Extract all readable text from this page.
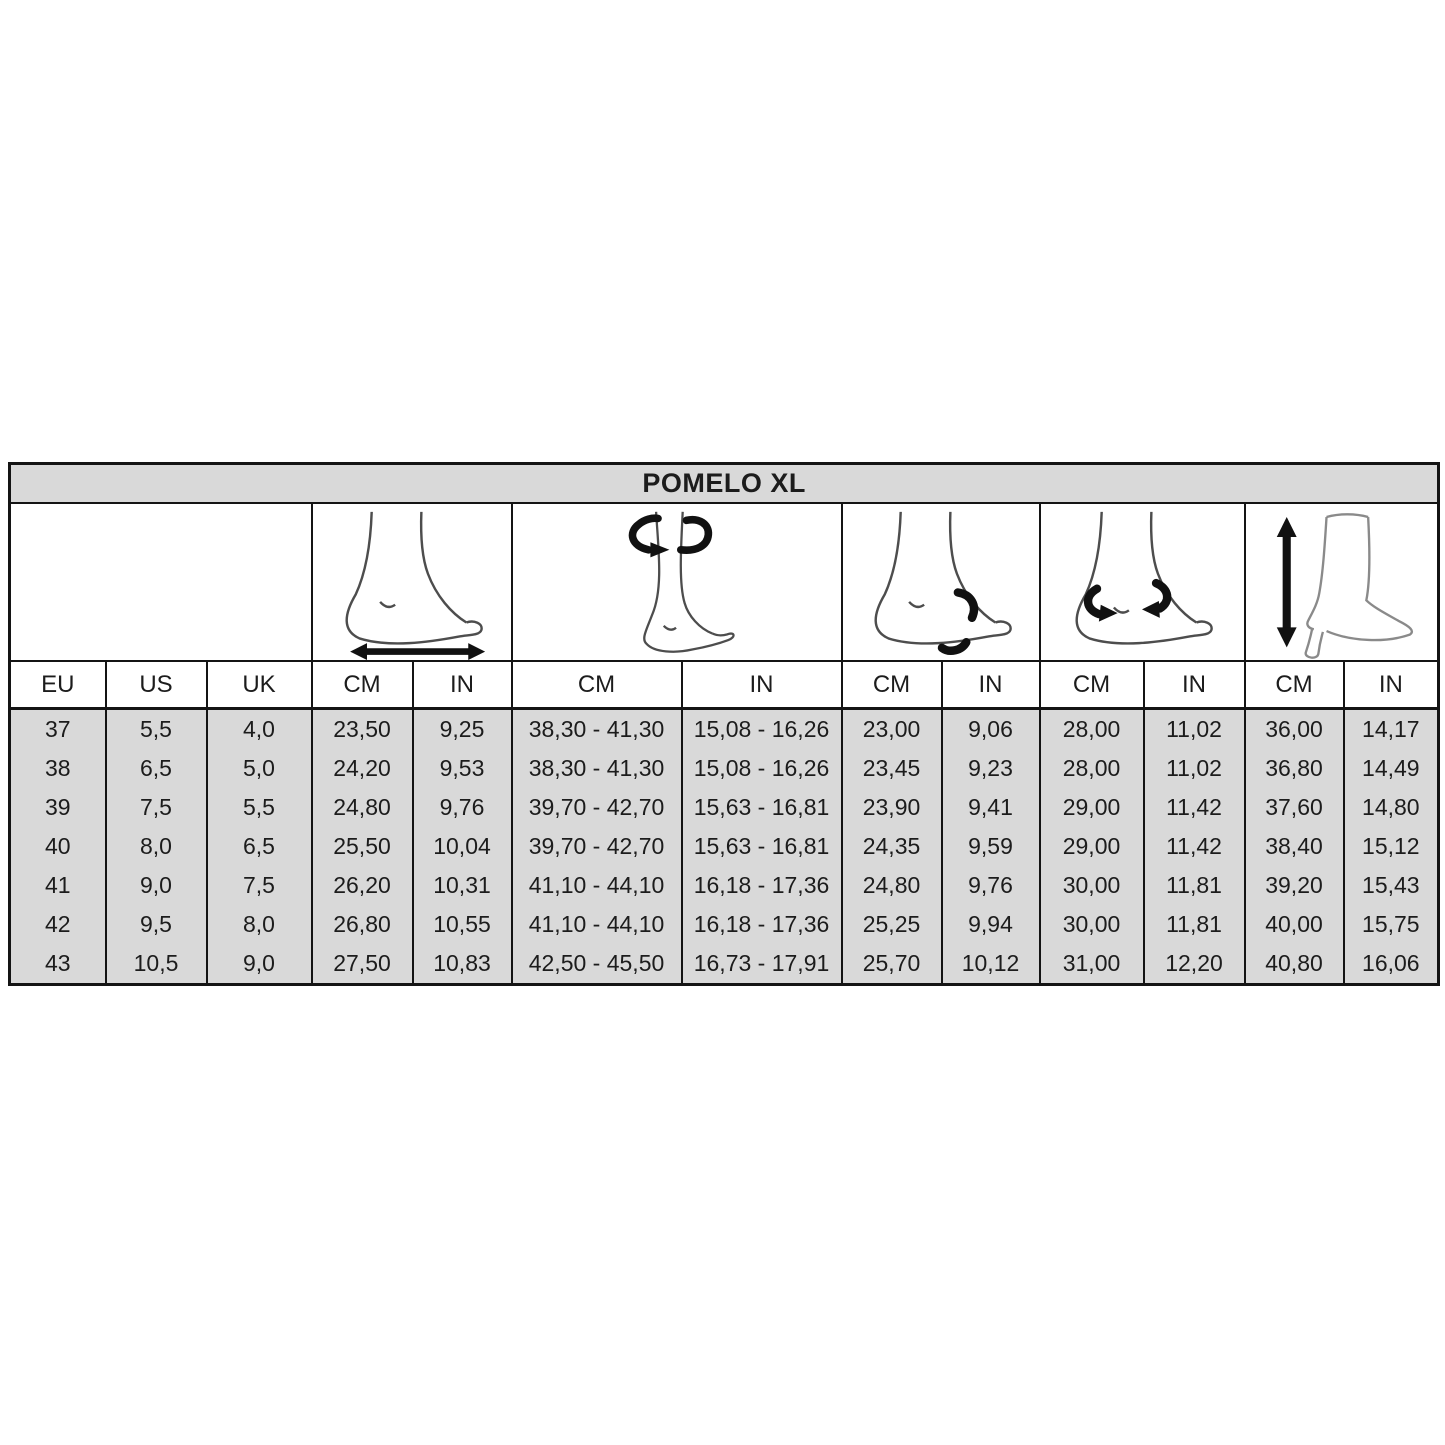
POMELO XL												

EU	US	UK	CM	IN	CM	IN	CM	IN	CM	IN	CM	IN
37	5,5	4,0	23,50	9,25	38,30 - 41,30	15,08 - 16,26	23,00	9,06	28,00	11,02	36,00	14,17
38	6,5	5,0	24,20	9,53	38,30 - 41,30	15,08 - 16,26	23,45	9,23	28,00	11,02	36,80	14,49
39	7,5	5,5	24,80	9,76	39,70 - 42,70	15,63 - 16,81	23,90	9,41	29,00	11,42	37,60	14,80
40	8,0	6,5	25,50	10,04	39,70 - 42,70	15,63 - 16,81	24,35	9,59	29,00	11,42	38,40	15,12
41	9,0	7,5	26,20	10,31	41,10 - 44,10	16,18 - 17,36	24,80	9,76	30,00	11,81	39,20	15,43
42	9,5	8,0	26,80	10,55	41,10 - 44,10	16,18 - 17,36	25,25	9,94	30,00	11,81	40,00	15,75
43	10,5	9,0	27,50	10,83	42,50 - 45,50	16,73 - 17,91	25,70	10,12	31,00	12,20	40,80	16,06
